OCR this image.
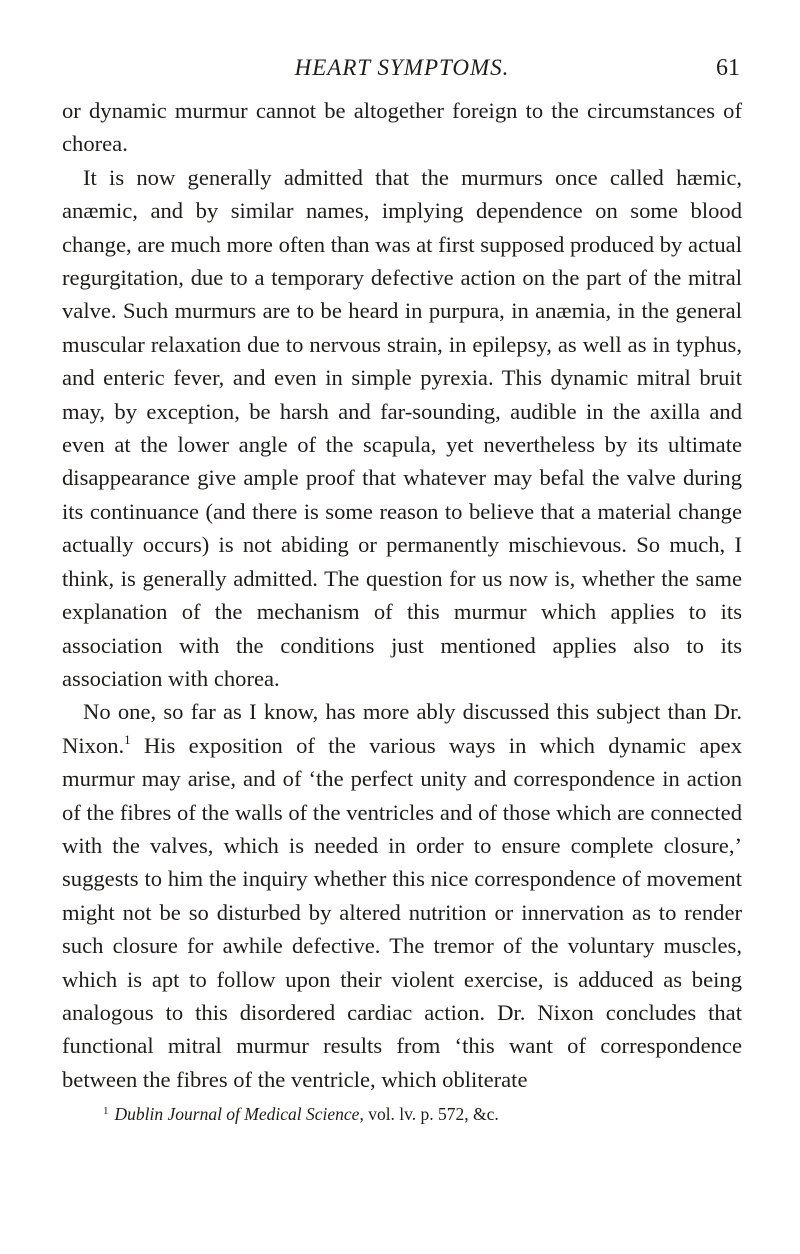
HEART SYMPTOMS.	61

or dynamic murmur cannot be altogether foreign to the circumstances of chorea.

It is now generally admitted that the murmurs once called hæmic, anæmic, and by similar names, implying dependence on some blood change, are much more often than was at first supposed produced by actual regurgitation, due to a temporary defective action on the part of the mitral valve. Such murmurs are to be heard in purpura, in anæmia, in the general muscular relaxation due to nervous strain, in epilepsy, as well as in typhus, and enteric fever, and even in simple pyrexia. This dynamic mitral bruit may, by exception, be harsh and far-sounding, audible in the axilla and even at the lower angle of the scapula, yet nevertheless by its ultimate disappearance give ample proof that whatever may befal the valve during its continuance (and there is some reason to believe that a material change actually occurs) is not abiding or permanently mischievous. So much, I think, is generally admitted. The question for us now is, whether the same explanation of the mechanism of this murmur which applies to its association with the conditions just mentioned applies also to its association with chorea.

No one, so far as I know, has more ably discussed this subject than Dr. Nixon.$^1$ His exposition of the various ways in which dynamic apex murmur may arise, and of ‘the perfect unity and correspondence in action of the fibres of the walls of the ventricles and of those which are connected with the valves, which is needed in order to ensure complete closure,’ suggests to him the inquiry whether this nice correspondence of movement might not be so disturbed by altered nutrition or innervation as to render such closure for awhile defective. The tremor of the voluntary muscles, which is apt to follow upon their violent exercise, is adduced as being analogous to this disordered cardiac action. Dr. Nixon concludes that functional mitral murmur results from ‘this want of correspondence between the fibres of the ventricle, which obliterate

$^1$ Dublin Journal of Medical Science, vol. lv. p. 572, &c.
